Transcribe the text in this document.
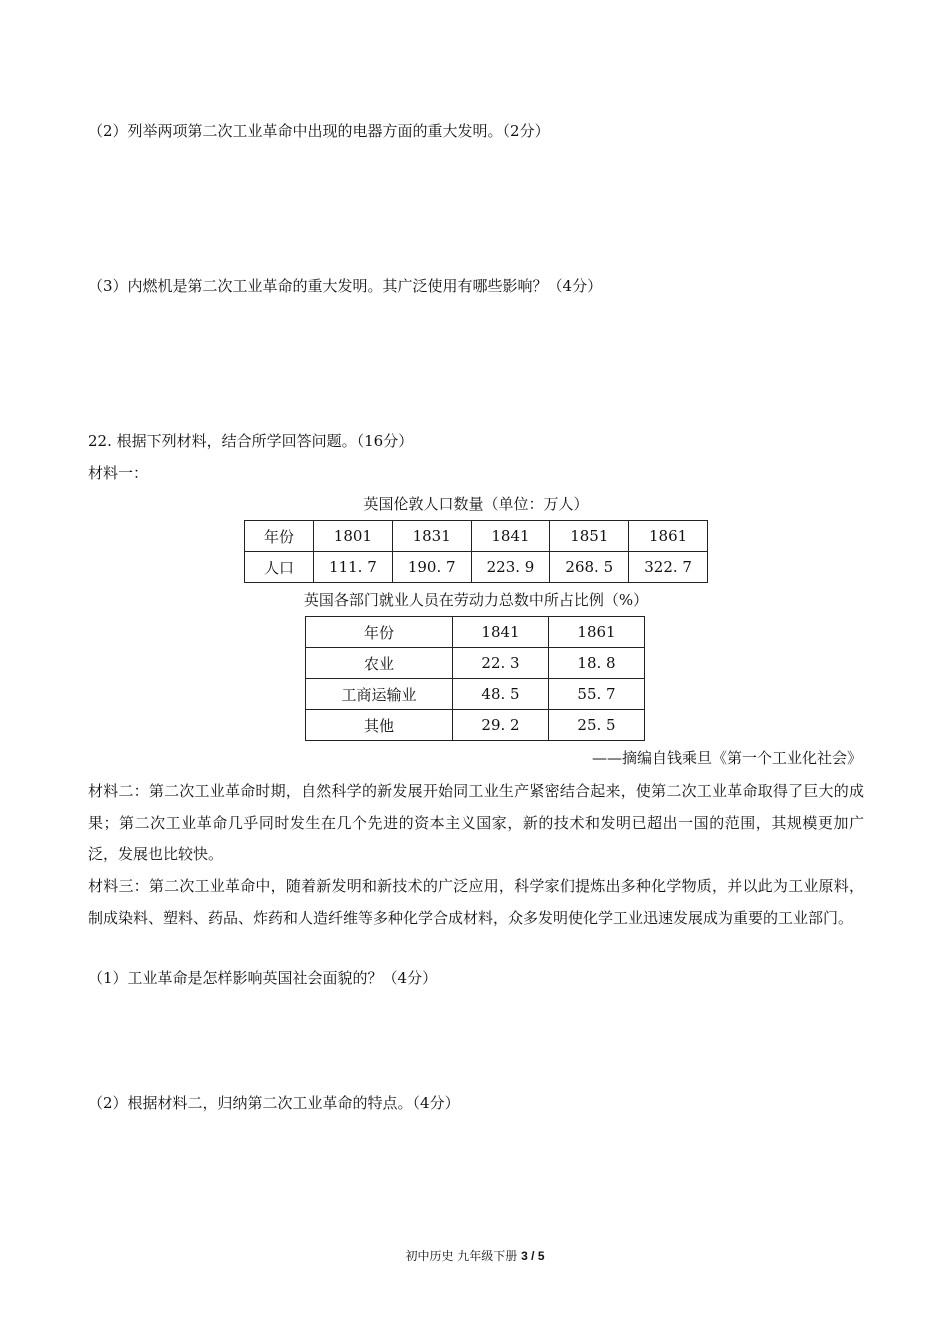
（2）列举两项第二次工业革命中出现的电器方面的重大发明。（2分）
（3）内燃机是第二次工业革命的重大发明。其广泛使用有哪些影响？（4分）
22. 根据下列材料，结合所学回答问题。（16分）
材料一：
英国伦敦人口数量（单位：万人）
年份	1801	1831	1841	1851	1861
人口	111. 7	190. 7	223. 9	268. 5	322. 7
英国各部门就业人员在劳动力总数中所占比例（%）
年份	1841	1861
农业	22. 3	18. 8
工商运输业	48. 5	55. 7
其他	29. 2	25. 5
——摘编自钱乘旦《第一个工业化社会》
材料二：第二次工业革命时期，自然科学的新发展开始同工业生产紧密结合起来，使第二次工业革命取得了巨大的成果；第二次工业革命几乎同时发生在几个先进的资本主义国家，新的技术和发明已超出一国的范围，其规模更加广泛，发展也比较快。
材料三：第二次工业革命中，随着新发明和新技术的广泛应用，科学家们提炼出多种化学物质，并以此为工业原料，制成染料、塑料、药品、炸药和人造纤维等多种化学合成材料，众多发明使化学工业迅速发展成为重要的工业部门。
（1）工业革命是怎样影响英国社会面貌的？（4分）
（2）根据材料二，归纳第二次工业革命的特点。（4分）
初中历史 九年级下册 3 / 5
